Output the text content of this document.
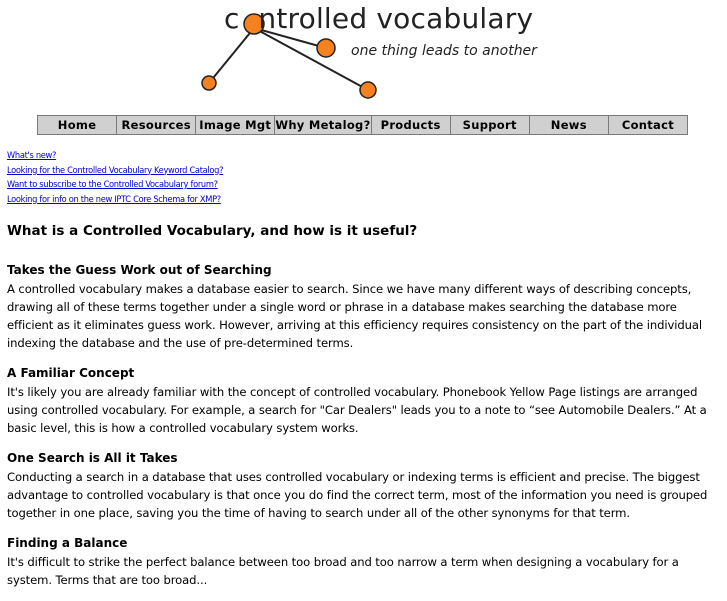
cntrolled vocabulary
one thing leads to another
Home	Resources Image Mgt Why Metalog? Products	Support	News	Contact
What's new?
Looking for the Controlled Vocabulary Keyword Catalog?
Want to subscribe to the Controlled Vocabulary forum?
Looking for info on the new IPTC Core Schema for XMP?
What is a Controlled Vocabulary, and how is it useful?
Takes the Guess Work out of Searching

A controlled vocabulary makes a database easier to search. Since we have many different ways of describing concepts, drawing all of these terms together under a single word or phrase in a database makes searching the database more efficient as it eliminates guess work. However, arriving at this efficiency requires consistency on the part of the individual indexing the database and the use of pre-determined terms.

A Familiar Concept

It's likely you are already familiar with the concept of controlled vocabulary. Phonebook Yellow Page listings are arranged using controlled vocabulary. For example, a search for "Car Dealers" leads you to a note to “see Automobile Dealers.” At a basic level, this is how a controlled vocabulary system works.

One Search is All it Takes

Conducting a search in a database that uses controlled vocabulary or indexing terms is efficient and precise. The biggest advantage to controlled vocabulary is that once you do find the correct term, most of the information you need is grouped together in one place, saving you the time of having to search under all of the other synonyms for that term.

Finding a Balance

It's difficult to strike the perfect balance between too broad and too narrow a term when designing a vocabulary for a system. Terms that are too broad...
